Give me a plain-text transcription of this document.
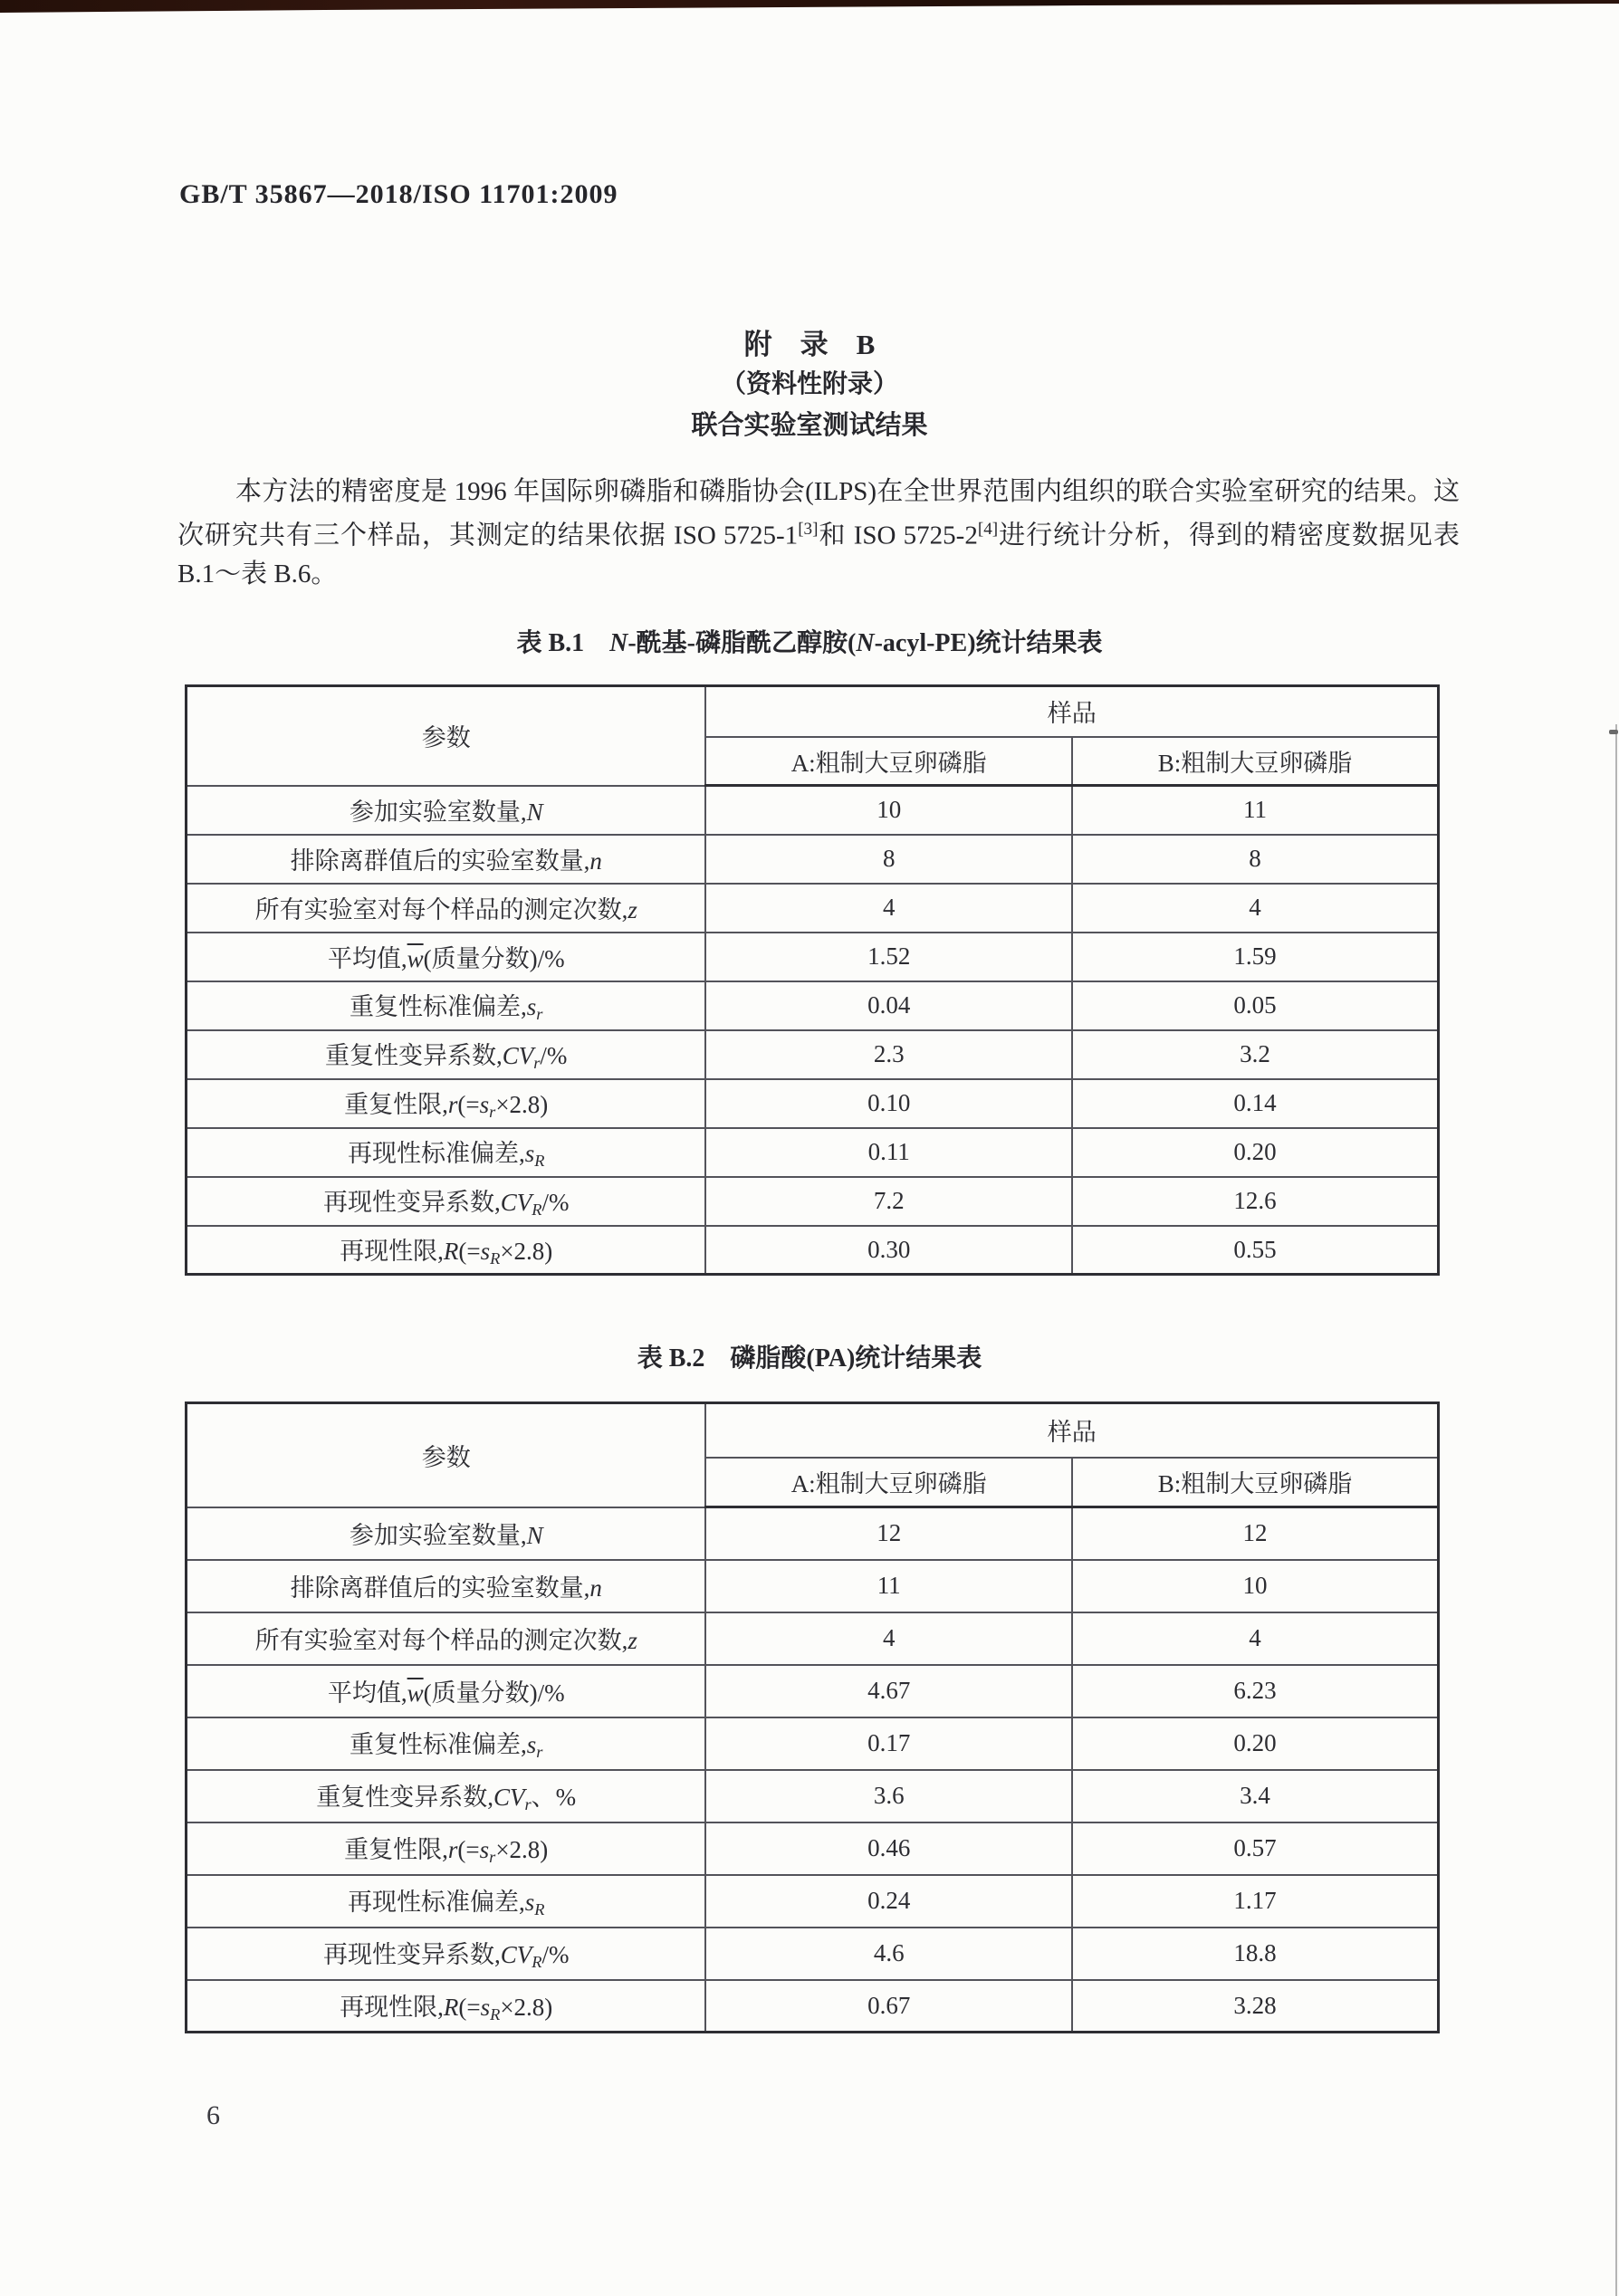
GB/T 35867—2018/ISO 11701:2009
附　录　B
（资料性附录）
联合实验室测试结果

本方法的精密度是 1996 年国际卵磷脂和磷脂协会(ILPS)在全世界范围内组织的联合实验室研究的结果。这次研究共有三个样品，其测定的结果依据 ISO 5725-1[3]和 ISO 5725-2[4]进行统计分析，得到的精密度数据见表 B.1～表 B.6。

表 B.1　N-酰基-磷脂酰乙醇胺(N-acyl-PE)统计结果表
参数	样品	
	A:粗制大豆卵磷脂	B:粗制大豆卵磷脂
参加实验室数量,N	10	11
排除离群值后的实验室数量,n	8	8
所有实验室对每个样品的测定次数,z	4	4
平均值$,\overline{w}$(质量分数)/%	1.52	1.59
重复性标准偏差,sr	0.04	0.05
重复性变异系数,CVr/%	2.3	3.2
重复性限,r(=sr×2.8)	0.10	0.14
再现性标准偏差,sR	0.11	0.20
再现性变异系数,CVR/%	7.2	12.6
再现性限,R(=sR×2.8)	0.30	0.55
表 B.2　磷脂酸(PA)统计结果表
参数	样品	
	A:粗制大豆卵磷脂	B:粗制大豆卵磷脂
参加实验室数量,N	12	12
排除离群值后的实验室数量,n	11	10
所有实验室对每个样品的测定次数,z	4	4
平均值$,\overline{w}$(质量分数)/%	4.67	6.23
重复性标准偏差,sr	0.17	0.20
重复性变异系数,CVr、%	3.6	3.4
重复性限,r(=sr×2.8)	0.46	0.57
再现性标准偏差,sR	0.24	1.17
再现性变异系数,CVR/%	4.6	18.8
再现性限,R(=sR×2.8)	0.67	3.28
6
